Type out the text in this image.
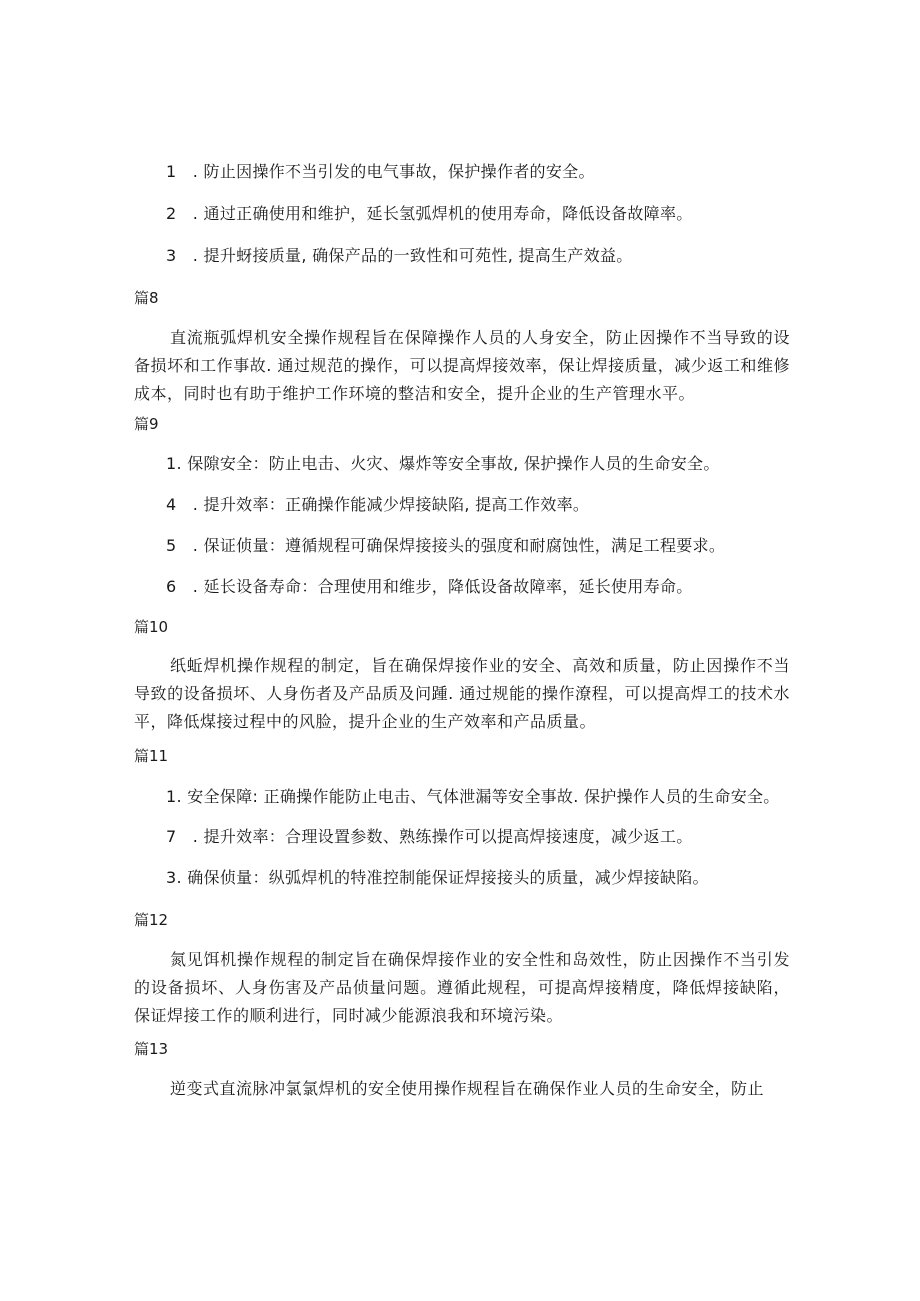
1　. 防止因操作不当引发的电气事故，保护操作者的安全。
2　. 通过正确使用和维护，延长氢弧焊机的使用寿命，降低设备故障率。
3　. 提升蚜接质量, 确保产品的一致性和可苑性, 提高生产效益。
篇8
直流瓶弧焊机安全操作规程旨在保障操作人员的人身安全，防止因操作不当导致的设备损坏和工作事故. 通过规范的操作，可以提高焊接效率，保让焊接质量，减少返工和维修成本，同时也有助于维护工作环境的整洁和安全，提升企业的生产管理水平。
篇9
1. 保隙安全：防止电击、火灾、爆炸等安全事故, 保护操作人员的生命安全。
4　. 提升效率：正确操作能减少焊接缺陷, 提高工作效率。
5　. 保证侦量：遵循规程可确保焊接接头的强度和耐腐蚀性，满足工程要求。
6　. 延长设备寿命：合理使用和维步，降低设备故障率，延长使用寿命。
篇10
纸蚯焊机操作规程的制定，旨在确保焊接作业的安全、高效和质量，防止因操作不当导致的设备损坏、人身伤者及产品质及问踵. 通过规能的操作潦程，可以提高焊工的技术水平，降低煤接过程中的风脸，提升企业的生产效率和产品质量。
篇11
1. 安全保障: 正确操作能防止电击、气体泄漏等安全事故. 保护操作人员的生命安全。
7　. 提升效率：合理设置参数、熟练操作可以提高焊接速度，减少返工。
3. 确保侦量：纵弧焊机的特准控制能保证焊接接头的质量，减少焊接缺陷。
篇12
氮见饵机操作规程的制定旨在确保焊接作业的安全性和岛效性，防止因操作不当引发的设备损坏、人身伤害及产品侦量问题。遵循此规程，可提高焊接精度，降低焊接缺陷，保证焊接工作的顺利进行，同时减少能源浪我和环境污染。
篇13
逆变式直流脉冲氯氯焊机的安全使用操作规程旨在确保作业人员的生命安全，防止
